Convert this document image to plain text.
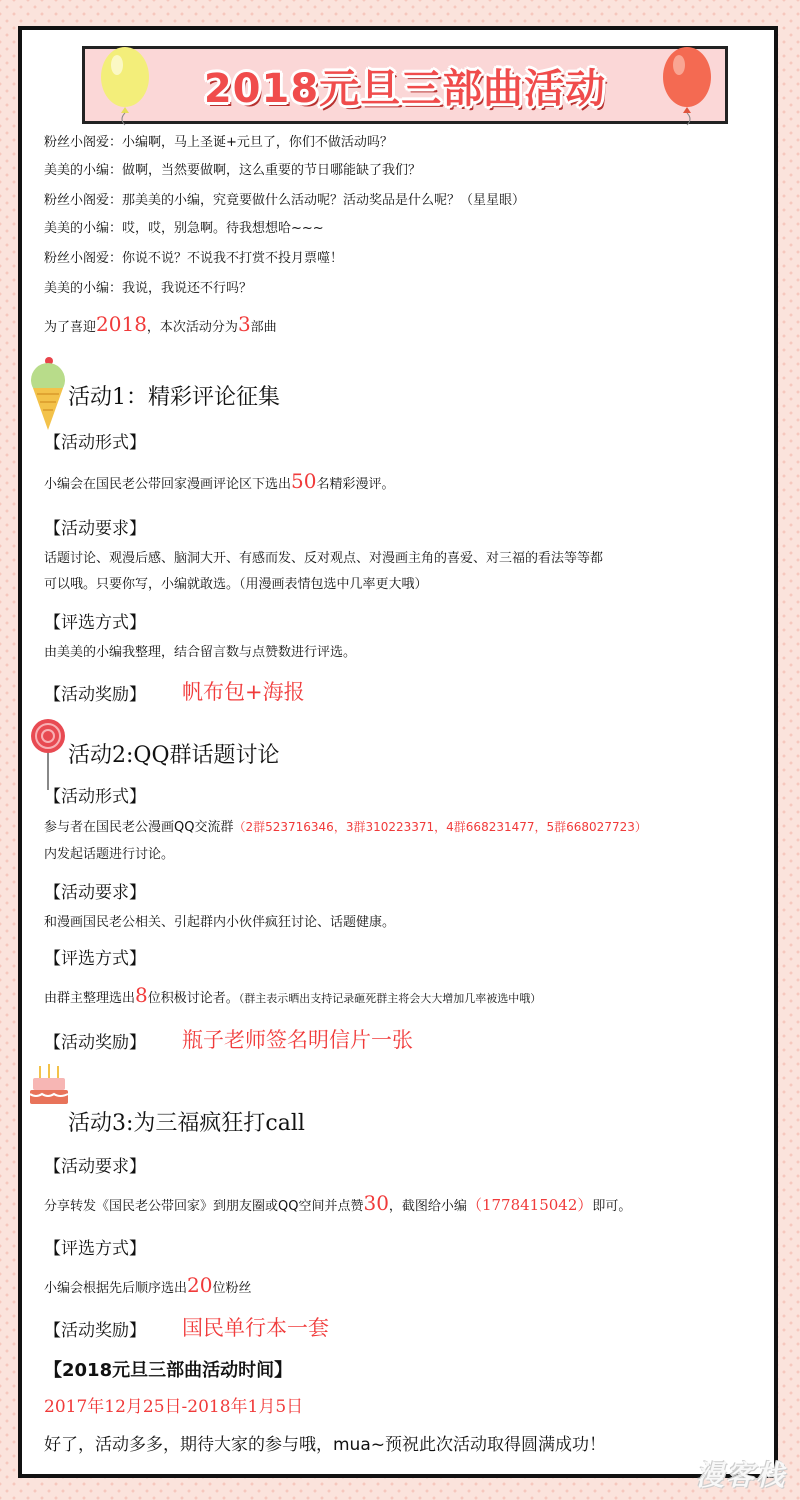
2018元旦三部曲活动
粉丝小阁爱：小编啊，马上圣诞+元旦了，你们不做活动吗？
美美的小编：做啊，当然要做啊，这么重要的节日哪能缺了我们？
粉丝小阁爱：那美美的小编，究竟要做什么活动呢？活动奖品是什么呢？（星星眼）
美美的小编：哎，哎，别急啊。待我想想哈~~~
粉丝小阁爱：你说不说？不说我不打赏不投月票噬！
美美的小编：我说，我说还不行吗？
为了喜迎2018，本次活动分为3部曲
活动1：精彩评论征集
【活动形式】
小编会在国民老公带回家漫画评论区下选出50名精彩漫评。
【活动要求】
话题讨论、观漫后感、脑洞大开、有感而发、反对观点、对漫画主角的喜爱、对三福的看法等等都
可以哦。只要你写，小编就敢选。（用漫画表情包选中几率更大哦）
【评选方式】
由美美的小编我整理，结合留言数与点赞数进行评选。
【活动奖励】 帆布包+海报
活动2:QQ群话题讨论
【活动形式】
参与者在国民老公漫画QQ交流群（2群523716346，3群310223371，4群668231477，5群668027723）
内发起话题进行讨论。
【活动要求】
和漫画国民老公相关、引起群内小伙伴疯狂讨论、话题健康。
【评选方式】
由群主整理选出8位积极讨论者。（群主表示晒出支持记录砸死群主将会大大增加几率被选中哦）
【活动奖励】 瓶子老师签名明信片一张
活动3:为三福疯狂打call
【活动要求】
分享转发《国民老公带回家》到朋友圈或QQ空间并点赞30，截图给小编（1778415042）即可。
【评选方式】
小编会根据先后顺序选出20位粉丝
【活动奖励】 国民单行本一套
【2018元旦三部曲活动时间】
2017年12月25日-2018年1月5日
好了，活动多多，期待大家的参与哦，mua~预祝此次活动取得圆满成功！
漫客栈
